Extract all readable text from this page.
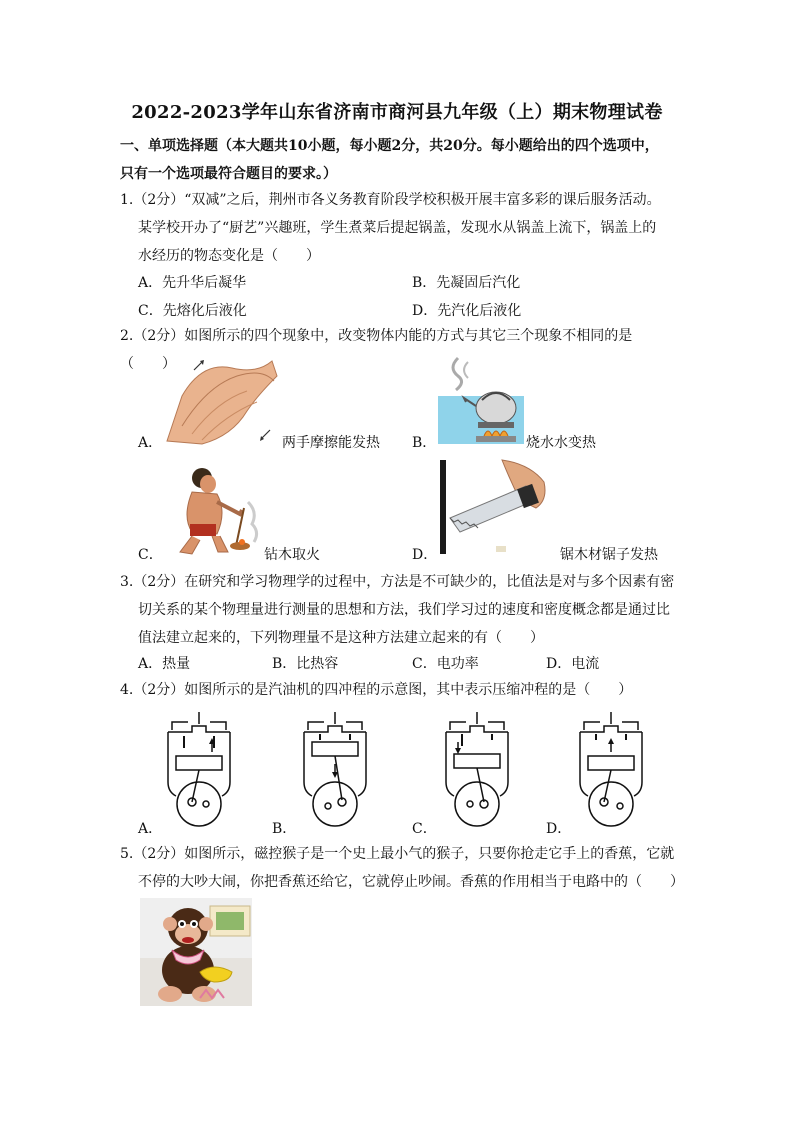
2022-2023学年山东省济南市商河县九年级（上）期末物理试卷
一、单项选择题（本大题共10小题，每小题2分，共20分。每小题给出的四个选项中，
只有一个选项最符合题目的要求。）
1.（2分）“双减”之后，荆州市各义务教育阶段学校积极开展丰富多彩的课后服务活动。
某学校开办了“厨艺”兴趣班，学生煮菜后提起锅盖，发现水从锅盖上流下，锅盖上的
水经历的物态变化是（　　）
A．先升华后凝华	B．先凝固后汽化
C．先熔化后液化	D．先汽化后液化
2.（2分）如图所示的四个现象中，改变物体内能的方式与其它三个现象不相同的是（　　）
A．	两手摩擦能发热 B．	烧水水变热
C．	钻木取火	D．	锯木材锯子发热
3.（2分）在研究和学习物理学的过程中，方法是不可缺少的，比值法是对与多个因素有密
切关系的某个物理量进行测量的思想和方法，我们学习过的速度和密度概念都是通过比
值法建立起来的，下列物理量不是这种方法建立起来的有（　　）
A．热量	B．比热容	C．电功率	D．电流
4.（2分）如图所示的是汽油机的四冲程的示意图，其中表示压缩冲程的是（　　）
A．	B．	C．	D．
5.（2分）如图所示，磁控猴子是一个史上最小气的猴子，只要你抢走它手上的香蕉，它就
不停的大吵大闹，你把香蕉还给它，它就停止吵闹。香蕉的作用相当于电路中的（　　）
